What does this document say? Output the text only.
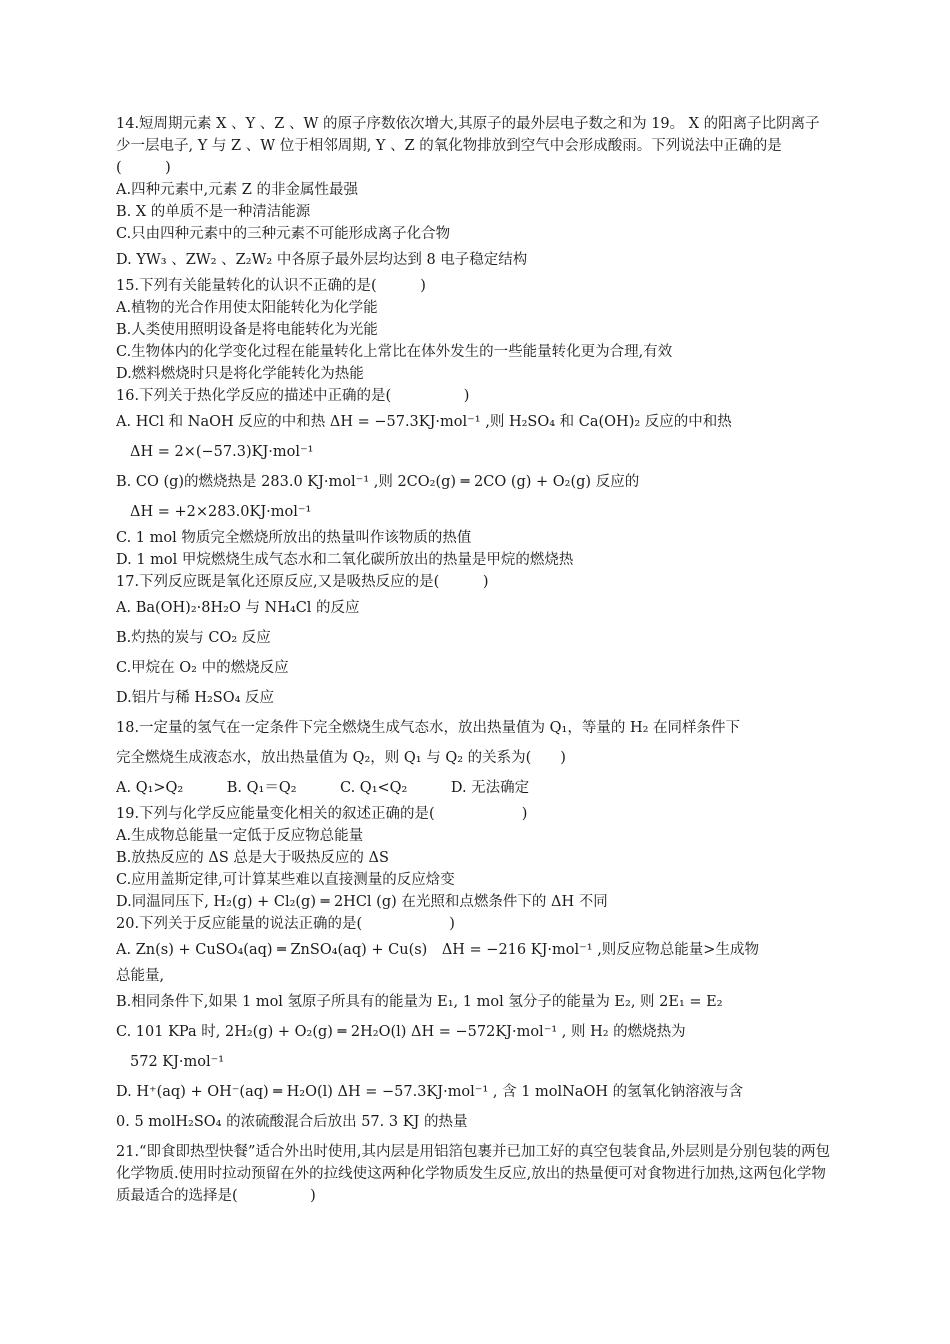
14.短周期元素 X 、Y 、Z 、W 的原子序数依次增大,其原子的最外层电子数之和为 19。 X 的阳离子比阴离子少一层电子, Y 与 Z 、W 位于相邻周期, Y 、Z 的氧化物排放到空气中会形成酸雨。下列说法中正确的是(　　　)
A.四种元素中,元素 Z 的非金属性最强
B. X 的单质不是一种清洁能源
C.只由四种元素中的三种元素不可能形成离子化合物
D. YW₃ 、ZW₂ 、Z₂W₂ 中各原子最外层均达到 8 电子稳定结构
15.下列有关能量转化的认识不正确的是(　　　)
A.植物的光合作用使太阳能转化为化学能
B.人类使用照明设备是将电能转化为光能
C.生物体内的化学变化过程在能量转化上常比在体外发生的一些能量转化更为合理,有效
D.燃料燃烧时只是将化学能转化为热能
16.下列关于热化学反应的描述中正确的是(　　　　　)
A. HCl 和 NaOH 反应的中和热 ΔH = −57.3KJ·mol⁻¹ ,则 H₂SO₄ 和 Ca(OH)₂ 反应的中和热
ΔH = 2×(−57.3)KJ·mol⁻¹
B. CO (g)的燃烧热是 283.0 KJ·mol⁻¹ ,则 2CO₂(g) ═ 2CO (g) + O₂(g) 反应的
ΔH = +2×283.0KJ·mol⁻¹
C. 1 mol 物质完全燃烧所放出的热量叫作该物质的热值
D. 1 mol 甲烷燃烧生成气态水和二氧化碳所放出的热量是甲烷的燃烧热
17.下列反应既是氧化还原反应,又是吸热反应的是(　　　)
A. Ba(OH)₂·8H₂O 与 NH₄Cl 的反应
B.灼热的炭与 CO₂ 反应
C.甲烷在 O₂ 中的燃烧反应
D.铝片与稀 H₂SO₄ 反应
18.一定量的氢气在一定条件下完全燃烧生成气态水，放出热量值为 Q₁，等量的 H₂ 在同样条件下
完全燃烧生成液态水，放出热量值为 Q₂，则 Q₁ 与 Q₂ 的关系为(　　)
A. Q₁>Q₂　　　B. Q₁＝Q₂　　　C. Q₁<Q₂　　　D. 无法确定
19.下列与化学反应能量变化相关的叙述正确的是(　　　　　　)
A.生成物总能量一定低于反应物总能量
B.放热反应的 ΔS 总是大于吸热反应的 ΔS
C.应用盖斯定律,可计算某些难以直接测量的反应焓变
D.同温同压下, H₂(g) + Cl₂(g) ═ 2HCl (g) 在光照和点燃条件下的 ΔH 不同
20.下列关于反应能量的说法正确的是(　　　　　　)
A. Zn(s) + CuSO₄(aq) ═ ZnSO₄(aq) + Cu(s)　ΔH = −216 KJ·mol⁻¹ ,则反应物总能量>生成物
总能量,
B.相同条件下,如果 1 mol 氢原子所具有的能量为 E₁, 1 mol 氢分子的能量为 E₂, 则 2E₁ = E₂
C. 101 KPa 时, 2H₂(g) + O₂(g) ═ 2H₂O(l) ΔH = −572KJ·mol⁻¹ , 则 H₂ 的燃烧热为
572 KJ·mol⁻¹
D. H⁺(aq) + OH⁻(aq) ═ H₂O(l) ΔH = −57.3KJ·mol⁻¹ , 含 1 molNaOH 的氢氧化钠溶液与含
0. 5 molH₂SO₄ 的浓硫酸混合后放出 57. 3 KJ 的热量
21.“即食即热型快餐”适合外出时使用,其内层是用铝箔包裹并已加工好的真空包装食品,外层则是分别包装的两包化学物质.使用时拉动预留在外的拉线使这两种化学物质发生反应,放出的热量便可对食物进行加热,这两包化学物质最适合的选择是(　　　　　)
